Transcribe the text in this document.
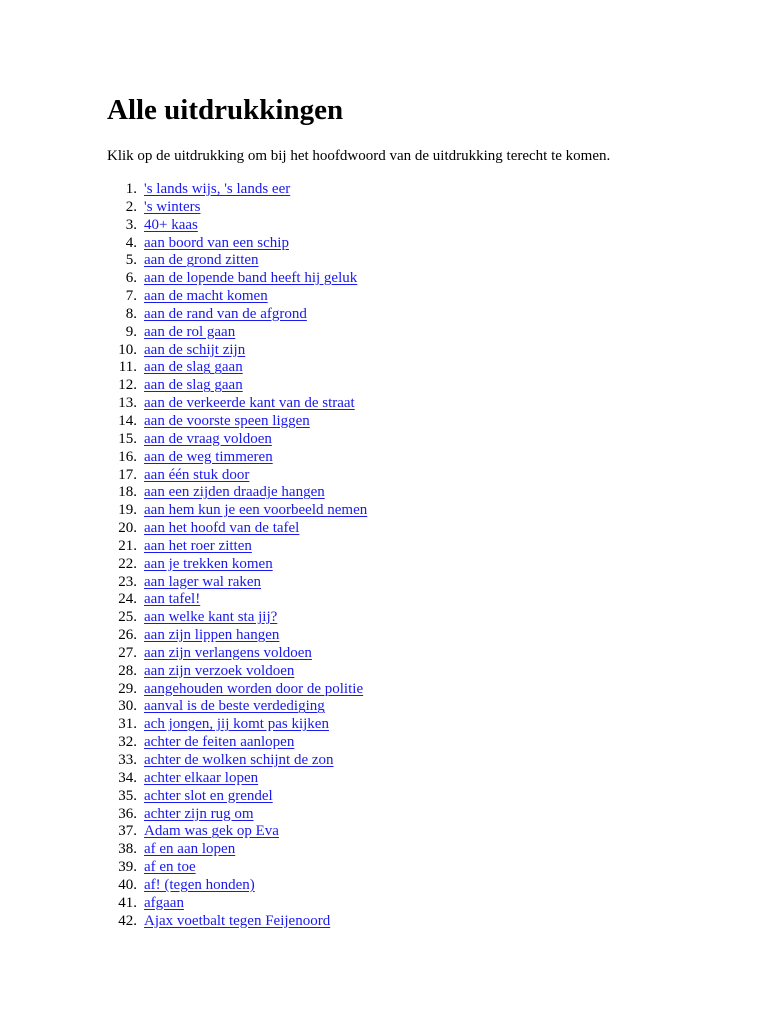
Alle uitdrukkingen

Klik op de uitdrukking om bij het hoofdwoord van de uitdrukking terecht te komen.

1. 's lands wijs, 's lands eer
2. 's winters
3. 40+ kaas
4. aan boord van een schip
5. aan de grond zitten
6. aan de lopende band heeft hij geluk
7. aan de macht komen
8. aan de rand van de afgrond
9. aan de rol gaan
10. aan de schijt zijn
11. aan de slag gaan
12. aan de slag gaan
13. aan de verkeerde kant van de straat
14. aan de voorste speen liggen
15. aan de vraag voldoen
16. aan de weg timmeren
17. aan één stuk door
18. aan een zijden draadje hangen
19. aan hem kun je een voorbeeld nemen
20. aan het hoofd van de tafel
21. aan het roer zitten
22. aan je trekken komen
23. aan lager wal raken
24. aan tafel!
25. aan welke kant sta jij?
26. aan zijn lippen hangen
27. aan zijn verlangens voldoen
28. aan zijn verzoek voldoen
29. aangehouden worden door de politie
30. aanval is de beste verdediging
31. ach jongen, jij komt pas kijken
32. achter de feiten aanlopen
33. achter de wolken schijnt de zon
34. achter elkaar lopen
35. achter slot en grendel
36. achter zijn rug om
37. Adam was gek op Eva
38. af en aan lopen
39. af en toe
40. af! (tegen honden)
41. afgaan
42. Ajax voetbalt tegen Feijenoord
